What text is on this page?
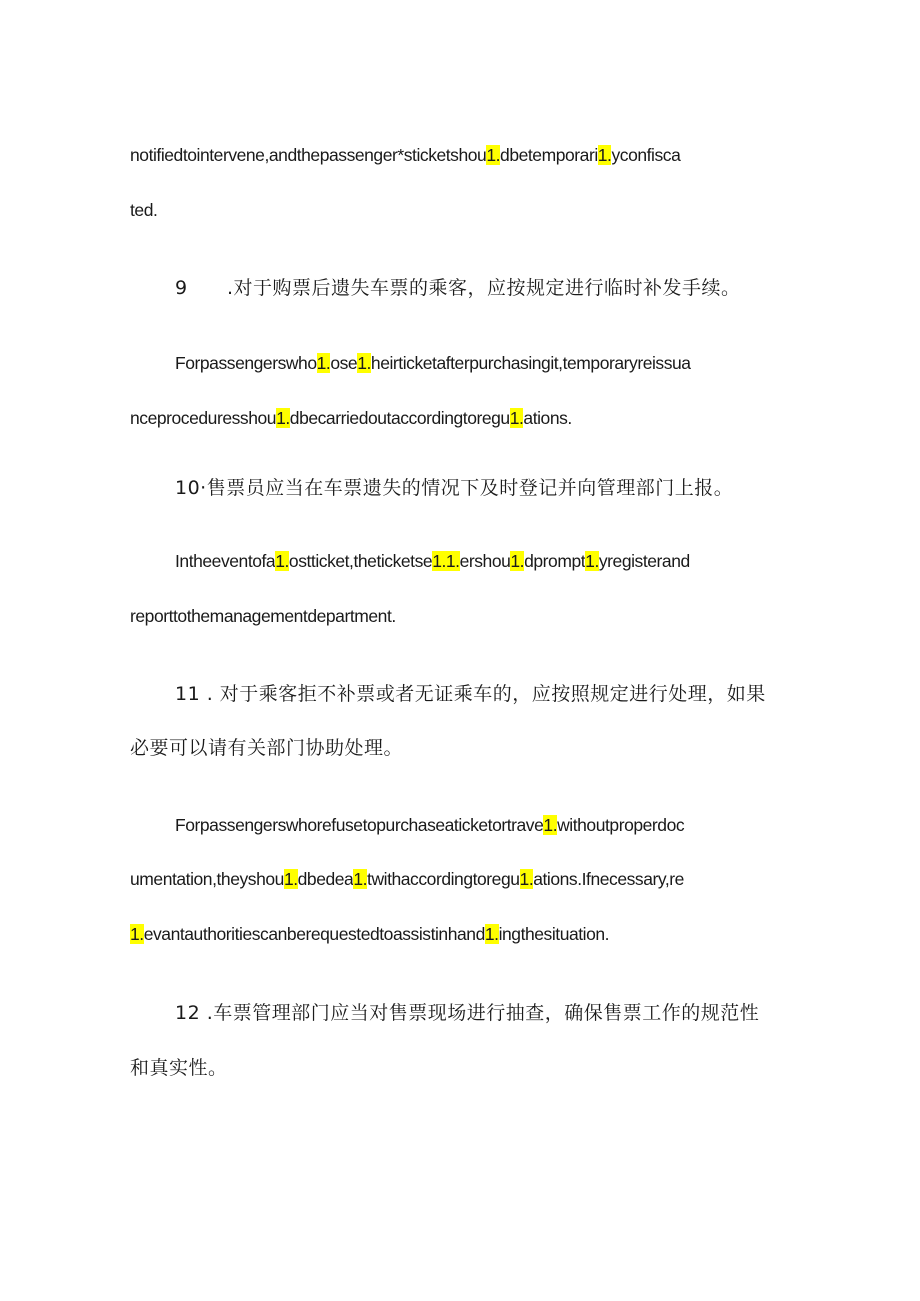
notifiedtointervene,andthepassenger*sticketshou1.dbetemporari1.yconfisca
ted.
9 .对于购票后遗失车票的乘客，应按规定进行临时补发手续。
Forpassengerswho1.ose1.heirticketafterpurchasingit,temporaryreissua
nceproceduresshou1.dbecarriedoutaccordingtoregu1.ations.
10·售票员应当在车票遗失的情况下及时登记并向管理部门上报。
Intheeventofa1.ostticket,theticketse1.1.ershou1.dprompt1.yregisterand
reporttothemanagementdepartment.
11 . 对于乘客拒不补票或者无证乘车的，应按照规定进行处理，如果
必要可以请有关部门协助处理。
Forpassengerswhorefusetopurchaseaticketortrave1.withoutproperdoc
umentation,theyshou1.dbedea1.twithaccordingtoregu1.ations.Ifnecessary,re
1.evantauthoritiescanberequestedtoassistinhand1.ingthesituation.
12 .车票管理部门应当对售票现场进行抽查，确保售票工作的规范性
和真实性。
